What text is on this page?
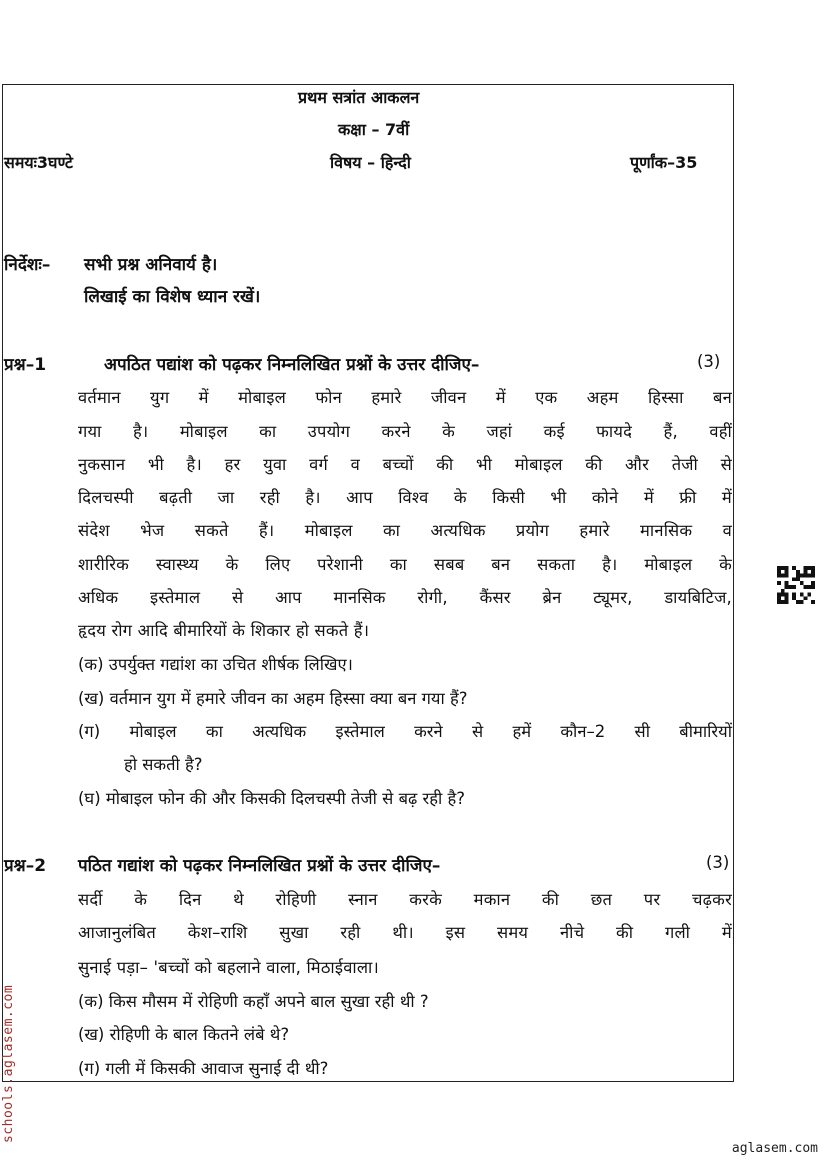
प्रथम सत्रांत आकलन
कक्षा – 7वीं
समयः3घण्टे	विषय – हिन्दी	पूर्णांक–35
निर्देशः– सभी प्रश्न अनिवार्य है।
लिखाई का विशेष ध्यान रखें।
प्रश्न–1	अपठित पद्यांश को पढ़कर निम्नलिखित प्रश्नों के उत्तर दीजिए–	(3)
वर्तमान युग में मोबाइल फोन हमारे जीवन में एक अहम हिस्सा बन
गया है। मोबाइल का उपयोग करने के जहां कई फायदे हैं, वहीं
नुकसान भी है। हर युवा वर्ग व बच्चों की भी मोबाइल की और तेजी से
दिलचस्पी बढ़ती जा रही है। आप विश्व के किसी भी कोने में फ्री में
संदेश भेज सकते हैं। मोबाइल का अत्यधिक प्रयोग हमारे मानसिक व
शारीरिक स्वास्थ्य के लिए परेशानी का सबब बन सकता है। मोबाइल के
अधिक इस्तेमाल से आप मानसिक रोगी, कैंसर ब्रेन ट्यूमर, डायबिटिज,
हृदय रोग आदि बीमारियों के शिकार हो सकते हैं।
(क) उपर्युक्त गद्यांश का उचित शीर्षक लिखिए।
(ख) वर्तमान युग में हमारे जीवन का अहम हिस्सा क्या बन गया हैं?
(ग) मोबाइल का अत्यधिक इस्तेमाल करने से हमें कौन–2 सी बीमारियों
हो सकती है?
(घ) मोबाइल फोन की और किसकी दिलचस्पी तेजी से बढ़ रही है?
प्रश्न–2 पठित गद्यांश को पढ़कर निम्नलिखित प्रश्नों के उत्तर दीजिए–	(3)
सर्दी के दिन थे रोहिणी स्नान करके मकान की छत पर चढ़कर
आजानुलंबित केश–राशि सुखा रही थी। इस समय नीचे की गली में
सुनाई पड़ा– 'बच्चों को बहलाने वाला, मिठाईवाला।
(क) किस मौसम में रोहिणी कहाँ अपने बाल सुखा रही थी ?
(ख) रोहिणी के बाल कितने लंबे थे?
(ग) गली में किसकी आवाज सुनाई दी थी?
schools.aglasem.com
aglasem.com
